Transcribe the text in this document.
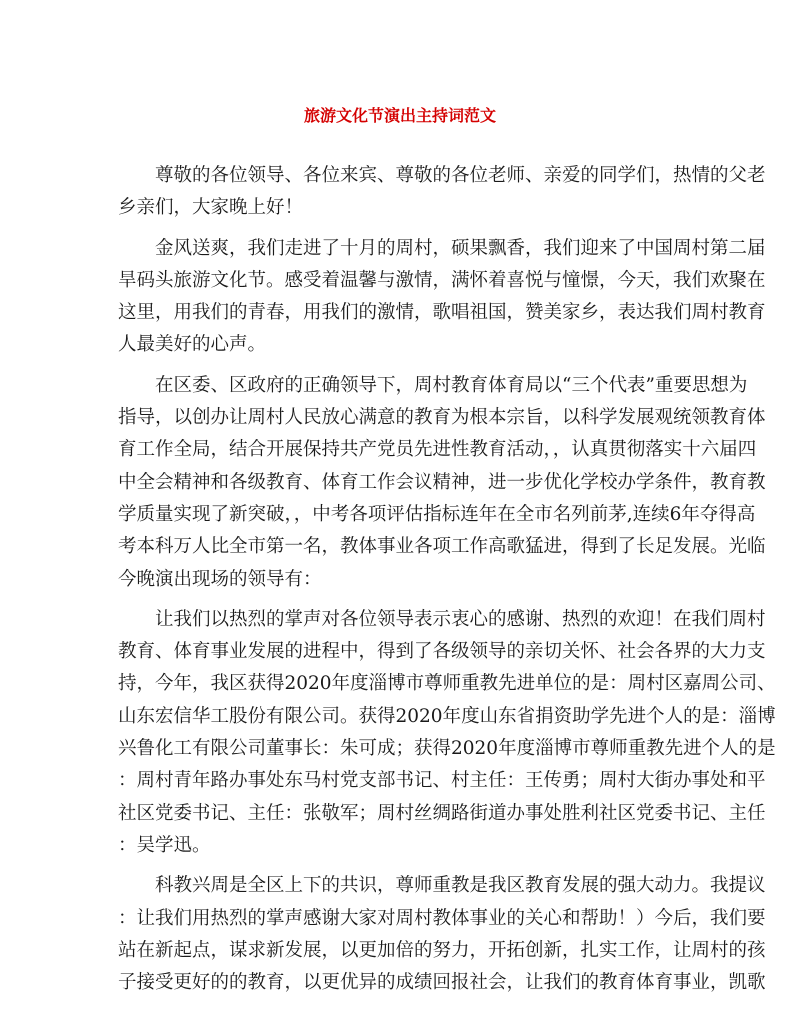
旅游文化节演出主持词范文
尊敬的各位领导、各位来宾、尊敬的各位老师、亲爱的同学们，热情的父老
乡亲们，大家晚上好！
金风送爽，我们走进了十月的周村，硕果飘香，我们迎来了中国周村第二届
旱码头旅游文化节。感受着温馨与激情，满怀着喜悦与憧憬，今天，我们欢聚在
这里，用我们的青春，用我们的激情，歌唱祖国，赞美家乡，表达我们周村教育
人最美好的心声。
在区委、区政府的正确领导下，周村教育体育局以“三个代表”重要思想为
指导，以创办让周村人民放心满意的教育为根本宗旨，以科学发展观统领教育体
育工作全局，结合开展保持共产党员先进性教育活动，，认真贯彻落实十六届四
中全会精神和各级教育、体育工作会议精神，进一步优化学校办学条件，教育教
学质量实现了新突破，，中考各项评估指标连年在全市名列前茅,连续6年夺得高
考本科万人比全市第一名，教体事业各项工作高歌猛进，得到了长足发展。光临
今晚演出现场的领导有：
让我们以热烈的掌声对各位领导表示衷心的感谢、热烈的欢迎！在我们周村
教育、体育事业发展的进程中，得到了各级领导的亲切关怀、社会各界的大力支
持，今年，我区获得2020年度淄博市尊师重教先进单位的是：周村区嘉周公司、
山东宏信华工股份有限公司。获得2020年度山东省捐资助学先进个人的是：淄博
兴鲁化工有限公司董事长：朱可成；获得2020年度淄博市尊师重教先进个人的是
：周村青年路办事处东马村党支部书记、村主任：王传勇；周村大街办事处和平
社区党委书记、主任：张敬军；周村丝绸路街道办事处胜利社区党委书记、主任
：吴学迅。
科教兴周是全区上下的共识，尊师重教是我区教育发展的强大动力。我提议
：让我们用热烈的掌声感谢大家对周村教体事业的关心和帮助！）今后，我们要
站在新起点，谋求新发展，以更加倍的努力，开拓创新，扎实工作，让周村的孩
子接受更好的的教育，以更优异的成绩回报社会，让我们的教育体育事业，凯歌
